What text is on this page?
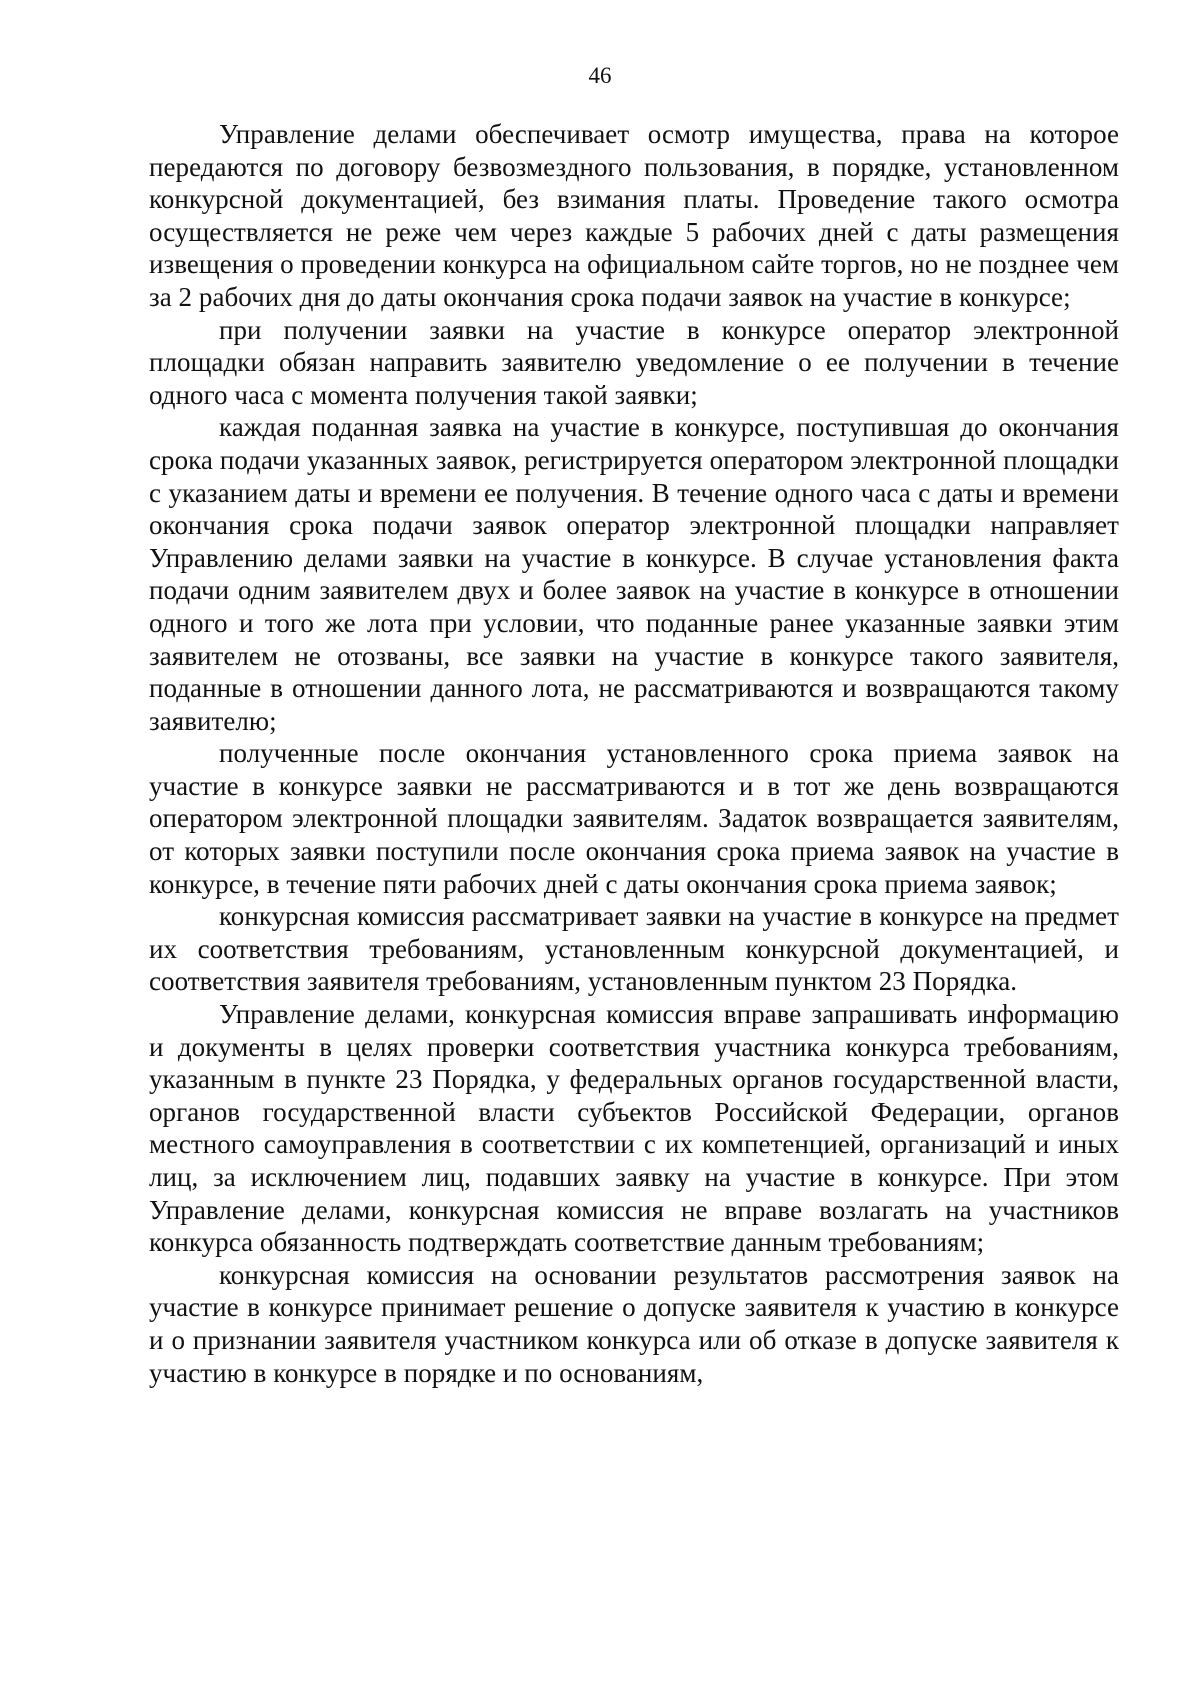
46

Управление делами обеспечивает осмотр имущества, права на которое передаются по договору безвозмездного пользования, в порядке, установленном конкурсной документацией, без взимания платы. Проведение такого осмотра осуществляется не реже чем через каждые 5 рабочих дней с даты размещения извещения о проведении конкурса на официальном сайте торгов, но не позднее чем за 2 рабочих дня до даты окончания срока подачи заявок на участие в конкурсе;

при получении заявки на участие в конкурсе оператор электронной площадки обязан направить заявителю уведомление о ее получении в течение одного часа с момента получения такой заявки;

каждая поданная заявка на участие в конкурсе, поступившая до окончания срока подачи указанных заявок, регистрируется оператором электронной площадки с указанием даты и времени ее получения. В течение одного часа с даты и времени окончания срока подачи заявок оператор электронной площадки направляет Управлению делами заявки на участие в конкурсе. В случае установления факта подачи одним заявителем двух и более заявок на участие в конкурсе в отношении одного и того же лота при условии, что поданные ранее указанные заявки этим заявителем не отозваны, все заявки на участие в конкурсе такого заявителя, поданные в отношении данного лота, не рассматриваются и возвращаются такому заявителю;

полученные после окончания установленного срока приема заявок на участие в конкурсе заявки не рассматриваются и в тот же день возвращаются оператором электронной площадки заявителям. Задаток возвращается заявителям, от которых заявки поступили после окончания срока приема заявок на участие в конкурсе, в течение пяти рабочих дней с даты окончания срока приема заявок;

конкурсная комиссия рассматривает заявки на участие в конкурсе на предмет их соответствия требованиям, установленным конкурсной документацией, и соответствия заявителя требованиям, установленным пунктом 23 Порядка.

Управление делами, конкурсная комиссия вправе запрашивать информацию и документы в целях проверки соответствия участника конкурса требованиям, указанным в пункте 23 Порядка, у федеральных органов государственной власти, органов государственной власти субъектов Российской Федерации, органов местного самоуправления в соответствии с их компетенцией, организаций и иных лиц, за исключением лиц, подавших заявку на участие в конкурсе. При этом Управление делами, конкурсная комиссия не вправе возлагать на участников конкурса обязанность подтверждать соответствие данным требованиям;

конкурсная комиссия на основании результатов рассмотрения заявок на участие в конкурсе принимает решение о допуске заявителя к участию в конкурсе и о признании заявителя участником конкурса или об отказе в допуске заявителя к участию в конкурсе в порядке и по основаниям,
